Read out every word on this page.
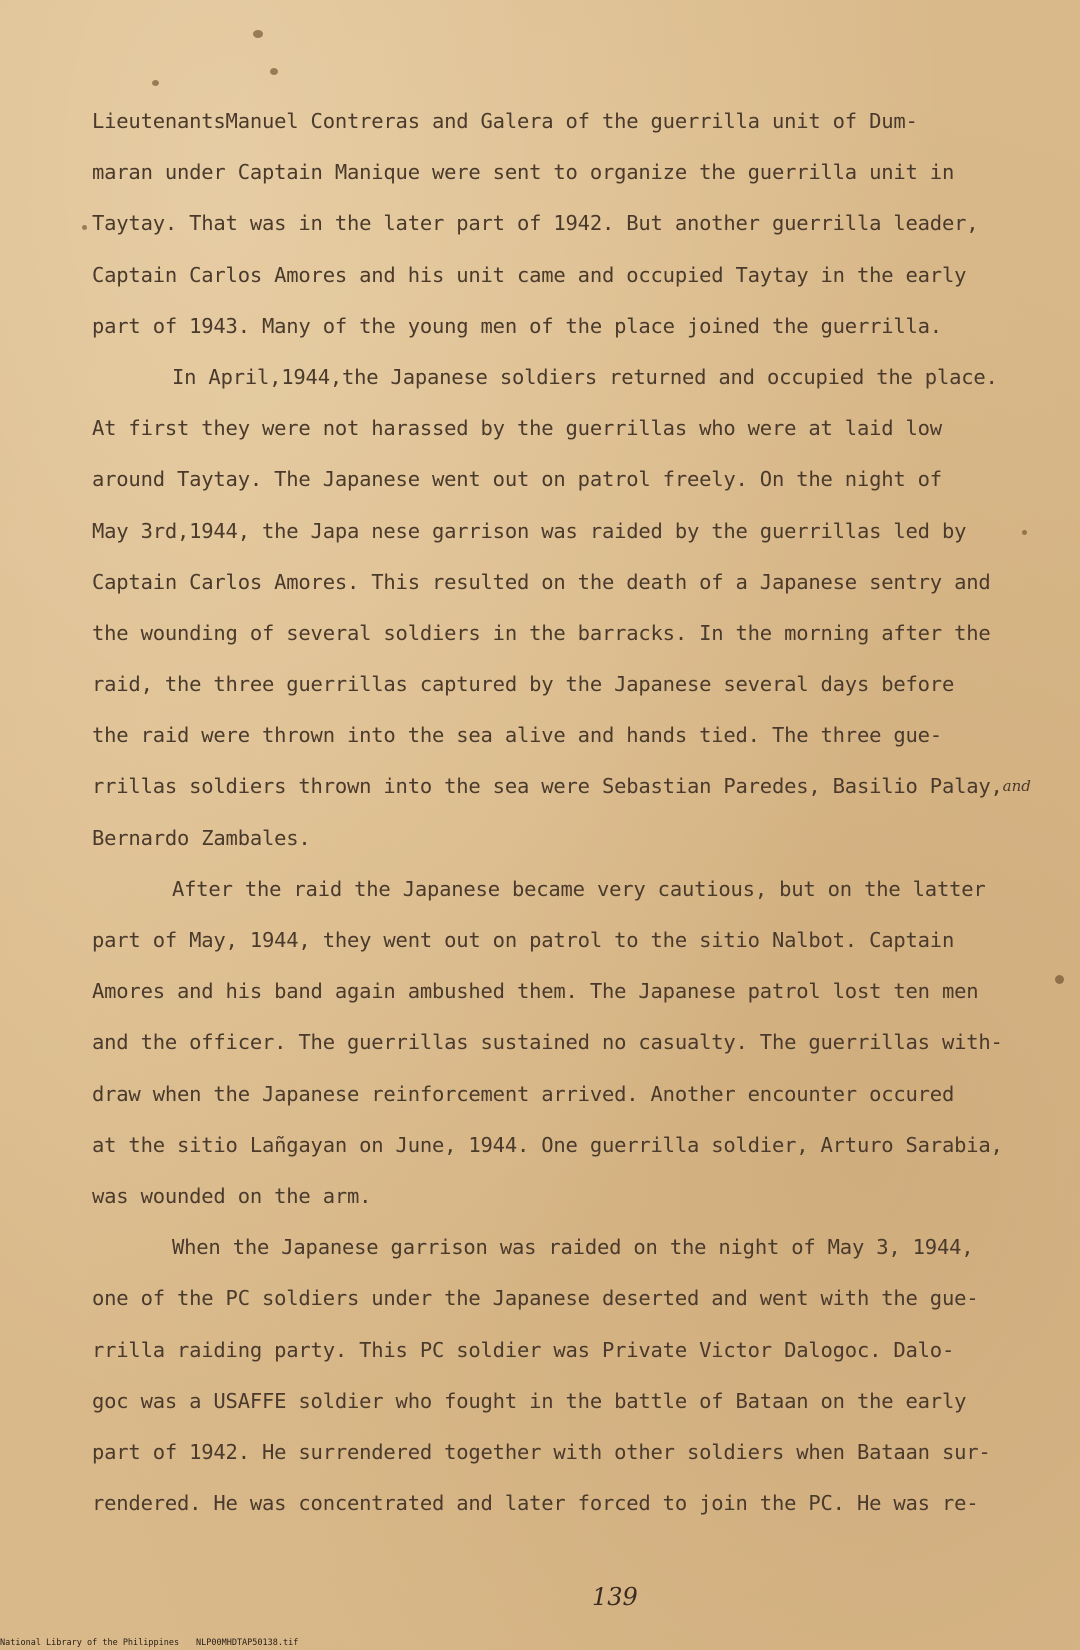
LieutenantsManuel Contreras and Galera of the guerrilla unit of Dum-
maran under Captain Manique were sent to organize the guerrilla unit in
Taytay. That was in the later part of 1942. But another guerrilla leader,
Captain Carlos Amores and his unit came and occupied Taytay in the early
part of 1943. Many of the young men of the place joined the guerrilla.
In April,1944,the Japanese soldiers returned and occupied the place.
At first they were not harassed by the guerrillas who were at laid low
around Taytay. The Japanese went out on patrol freely. On the night of
May 3rd,1944, the Japa nese garrison was raided by the guerrillas led by
Captain Carlos Amores. This resulted on the death of a Japanese sentry and
the wounding of several soldiers in the barracks. In the morning after the
raid, the three guerrillas captured by the Japanese several days before
the raid were thrown into the sea alive and hands tied. The three gue-
rrillas soldiers thrown into the sea were Sebastian Paredes, Basilio Palay,$^{and}$
Bernardo Zambales.
After the raid the Japanese became very cautious, but on the latter
part of May, 1944, they went out on patrol to the sitio Nalbot. Captain
Amores and his band again ambushed them. The Japanese patrol lost ten men
and the officer. The guerrillas sustained no casualty. The guerrillas with-
draw when the Japanese reinforcement arrived. Another encounter occured
at the sitio Lañgayan on June, 1944. One guerrilla soldier, Arturo Sarabia,
was wounded on the arm.
When the Japanese garrison was raided on the night of May 3, 1944,
one of the PC soldiers under the Japanese deserted and went with the gue-
rrilla raiding party. This PC soldier was Private Victor Dalogoc. Dalo-
goc was a USAFFE soldier who fought in the battle of Bataan on the early
part of 1942. He surrendered together with other soldiers when Bataan sur-
rendered. He was concentrated and later forced to join the PC. He was re-
139
National Library of the Philippines NLP00MHDTAP50138.tif
